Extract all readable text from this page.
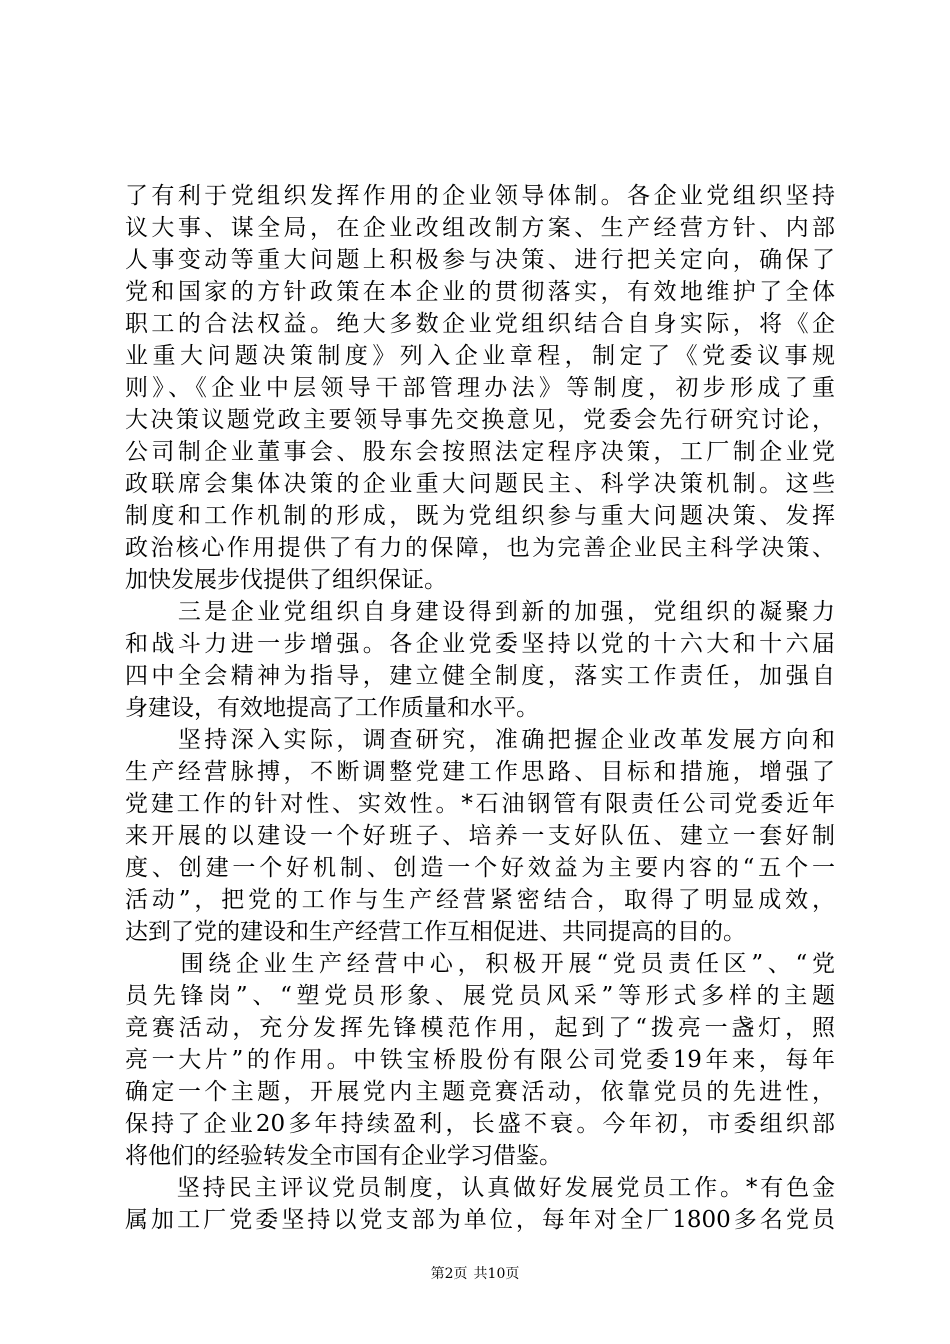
了有利于党组织发挥作用的企业领导体制。各企业党组织坚持
议大事、谋全局，在企业改组改制方案、生产经营方针、内部
人事变动等重大问题上积极参与决策、进行把关定向，确保了
党和国家的方针政策在本企业的贯彻落实，有效地维护了全体
职工的合法权益。绝大多数企业党组织结合自身实际，将《企
业重大问题决策制度》列入企业章程，制定了《党委议事规
则》、《企业中层领导干部管理办法》等制度，初步形成了重
大决策议题党政主要领导事先交换意见，党委会先行研究讨论，
公司制企业董事会、股东会按照法定程序决策，工厂制企业党
政联席会集体决策的企业重大问题民主、科学决策机制。这些
制度和工作机制的形成，既为党组织参与重大问题决策、发挥
政治核心作用提供了有力的保障，也为完善企业民主科学决策、
加快发展步伐提供了组织保证。
　　三是企业党组织自身建设得到新的加强，党组织的凝聚力
和战斗力进一步增强。各企业党委坚持以党的十六大和十六届
四中全会精神为指导，建立健全制度，落实工作责任，加强自
身建设，有效地提高了工作质量和水平。
　　坚持深入实际，调查研究，准确把握企业改革发展方向和
生产经营脉搏，不断调整党建工作思路、目标和措施，增强了
党建工作的针对性、实效性。*石油钢管有限责任公司党委近年
来开展的以建设一个好班子、培养一支好队伍、建立一套好制
度、创建一个好机制、创造一个好效益为主要内容的“五个一
活动”，把党的工作与生产经营紧密结合，取得了明显成效，
达到了党的建设和生产经营工作互相促进、共同提高的目的。
　　围绕企业生产经营中心，积极开展“党员责任区”、“党
员先锋岗”、“塑党员形象、展党员风采”等形式多样的主题
竞赛活动，充分发挥先锋模范作用，起到了“拨亮一盏灯，照
亮一大片”的作用。中铁宝桥股份有限公司党委19年来，每年
确定一个主题，开展党内主题竞赛活动，依靠党员的先进性，
保持了企业20多年持续盈利，长盛不衰。今年初，市委组织部
将他们的经验转发全市国有企业学习借鉴。
　　坚持民主评议党员制度，认真做好发展党员工作。*有色金
属加工厂党委坚持以党支部为单位，每年对全厂1800多名党员
第2页 共10页
